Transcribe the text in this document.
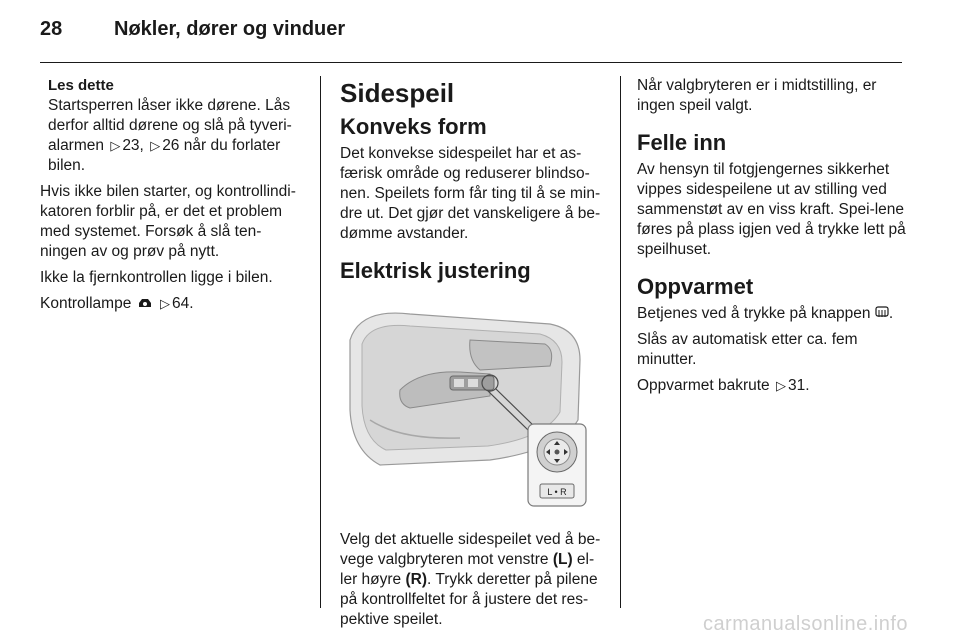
28	Nøkler, dører og vinduer
Les dette
Startsperren låser ikke dørene. Lås derfor alltid dørene og slå på tyveri-alarmen ▷ 23, ▷ 26 når du forlater bilen.

Hvis ikke bilen starter, og kontrollindi-katoren forblir på, er det et problem med systemet. Forsøk å slå ten-ningen av og prøv på nytt.

Ikke la fjernkontrollen ligge i bilen.

Kontrollampe ▷ 64.

Sidespeil
Konveks form

Det konvekse sidespeilet har et as-færisk område og reduserer blindso-nen. Speilets form får ting til å se min-dre ut. Det gjør det vanskeligere å be-dømme avstander.

Elektrisk justering
L • R

Velg det aktuelle sidespeilet ved å be-vege valgbryteren mot venstre (L) el-ler høyre (R). Trykk deretter på pilene på kontrollfeltet for å justere det res-pektive speilet.

Når valgbryteren er i midtstilling, er ingen speil valgt.

Felle inn

Av hensyn til fotgjengernes sikkerhet vippes sidespeilene ut av stilling ved sammenstøt av en viss kraft. Spei-lene føres på plass igjen ved å trykke lett på speilhuset.

Oppvarmet

Betjenes ved å trykke på knappen .

Slås av automatisk etter ca. fem minutter.

Oppvarmet bakrute ▷ 31.

carmanualsonline.info
